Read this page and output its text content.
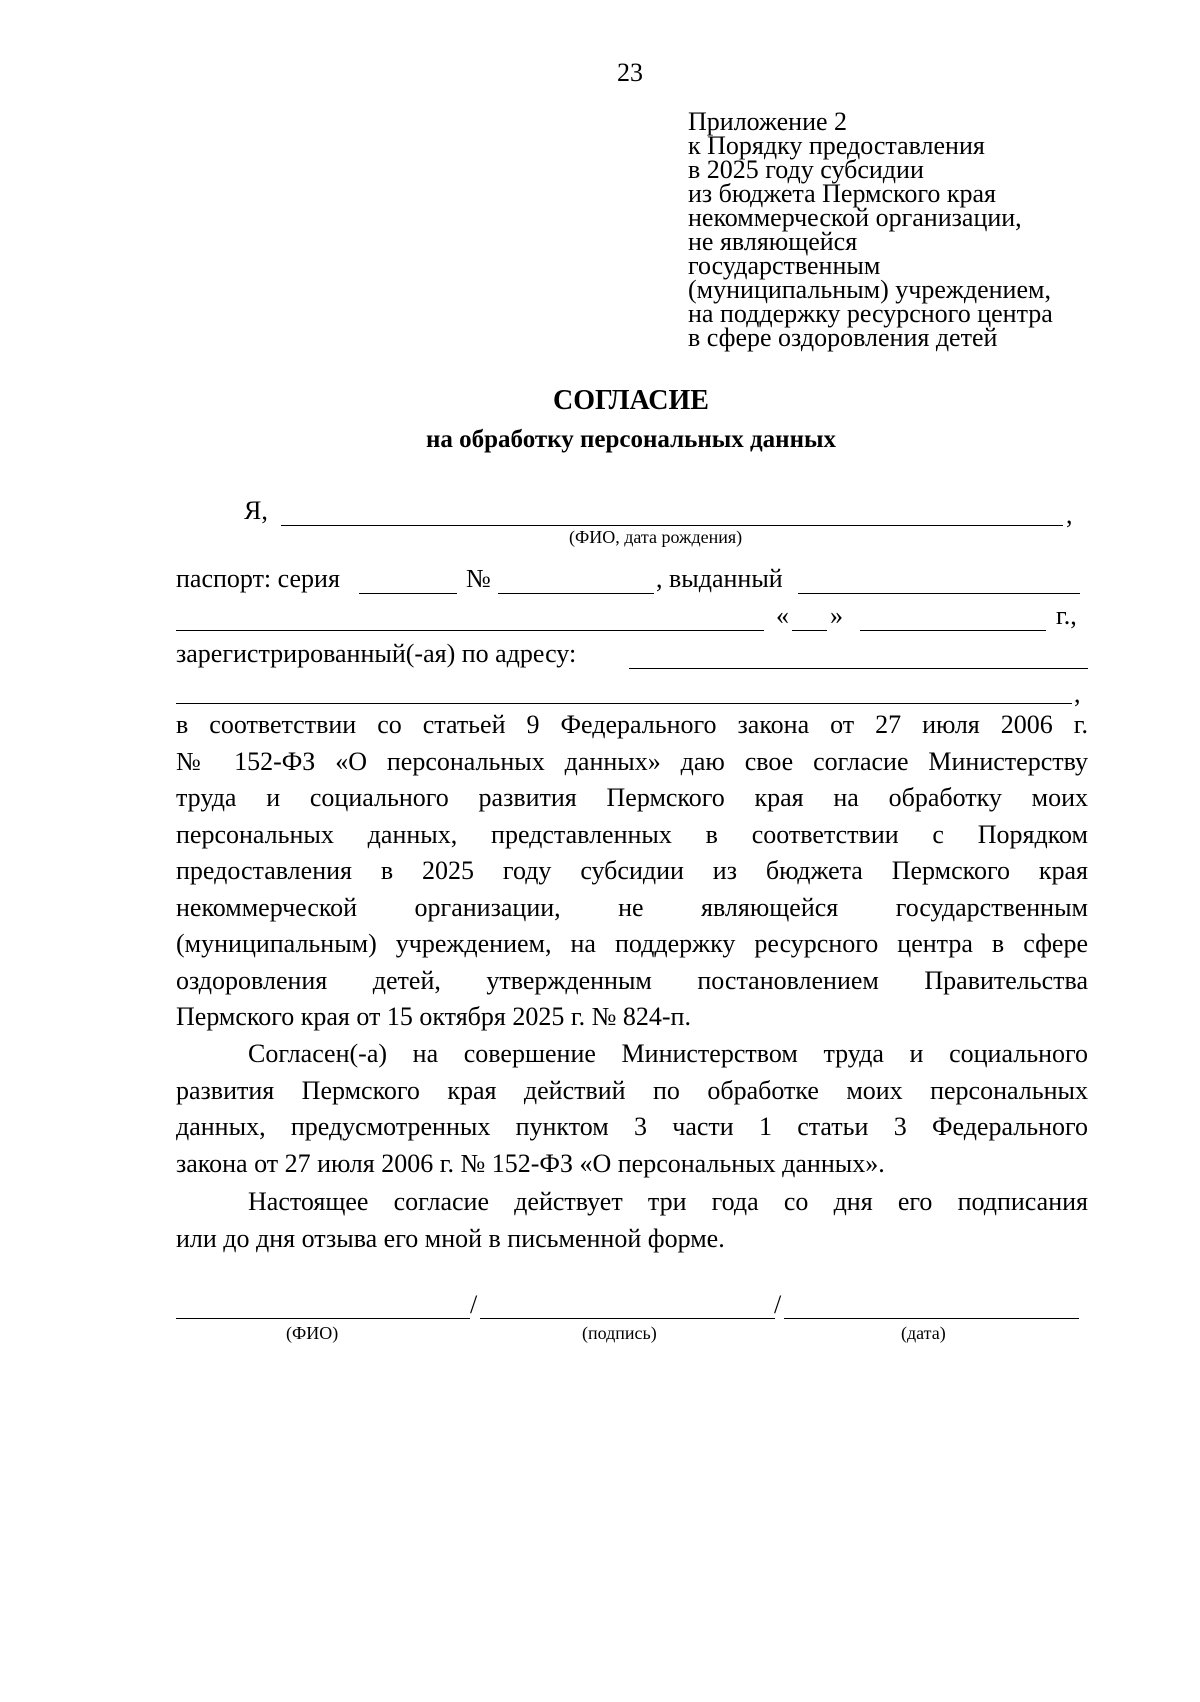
23
Приложение 2
к Порядку предоставления
в 2025 году субсидии
из бюджета Пермского края
некоммерческой организации,
не являющейся
государственным
(муниципальным) учреждением,
на поддержку ресурсного центра
в сфере оздоровления детей
СОГЛАСИЕ
на обработку персональных данных
Я,	,
(ФИО, дата рождения)
паспорт: серия	№	, выданный
« »	г.,
зарегистрированный(-ая) по адресу:
,
в соответствии со статьей 9 Федерального закона от 27 июля 2006 г.
№ 152-ФЗ «О персональных данных» даю свое согласие Министерству
труда и социального развития Пермского края на обработку моих
персональных данных, представленных в соответствии с Порядком
предоставления в 2025 году субсидии из бюджета Пермского края
некоммерческой организации, не являющейся государственным
(муниципальным) учреждением, на поддержку ресурсного центра в сфере
оздоровления детей, утвержденным постановлением Правительства
Пермского края от 15 октября 2025 г. № 824-п.
Согласен(-а) на совершение Министерством труда и социального
развития Пермского края действий по обработке моих персональных
данных, предусмотренных пунктом 3 части 1 статьи 3 Федерального
закона от 27 июля 2006 г. № 152-ФЗ «О персональных данных».
Настоящее согласие действует три года со дня его подписания
или до дня отзыва его мной в письменной форме.
/	/
(ФИО)	(подпись)	(дата)
